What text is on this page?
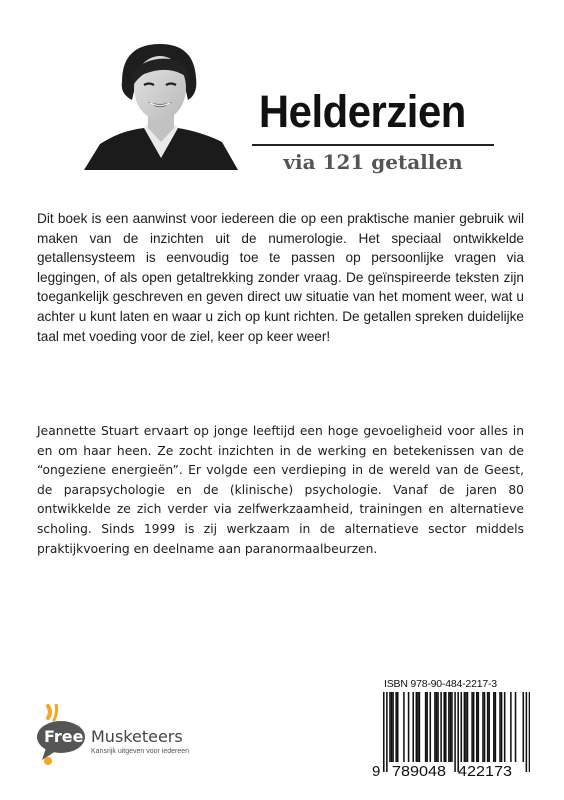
Helderzien
via 121 getallen

Dit boek is een aanwinst voor iedereen die op een praktische manier gebruik wil maken van de inzichten uit de numerologie. Het speciaal ontwikkelde getallensysteem is eenvoudig toe te passen op persoonlijke vragen via leggingen, of als open getaltrekking zonder vraag. De geïnspireerde teksten zijn toegankelijk geschreven en geven direct uw situatie van het moment weer, wat u achter u kunt laten en waar u zich op kunt richten. De getallen spreken duidelijke taal met voeding voor de ziel, keer op keer weer!

Jeannette Stuart ervaart op jonge leeftijd een hoge gevoeligheid voor alles in en om haar heen. Ze zocht inzichten in de werking en betekenissen van de “ongeziene energieën”. Er volgde een verdieping in de wereld van de Geest, de parapsychologie en de (klinische) psychologie. Vanaf de jaren 80 ontwikkelde ze zich verder via zelfwerkzaamheid, trainingen en alternatieve scholing. Sinds 1999 is zij werkzaam in de alternatieve sector middels praktijkvoering en deelname aan paranormaalbeurzen.

ISBN 978-90-484-2217-3
9 789048 422173
Free Musketeers
Kansrijk uitgeven voor iedereen
